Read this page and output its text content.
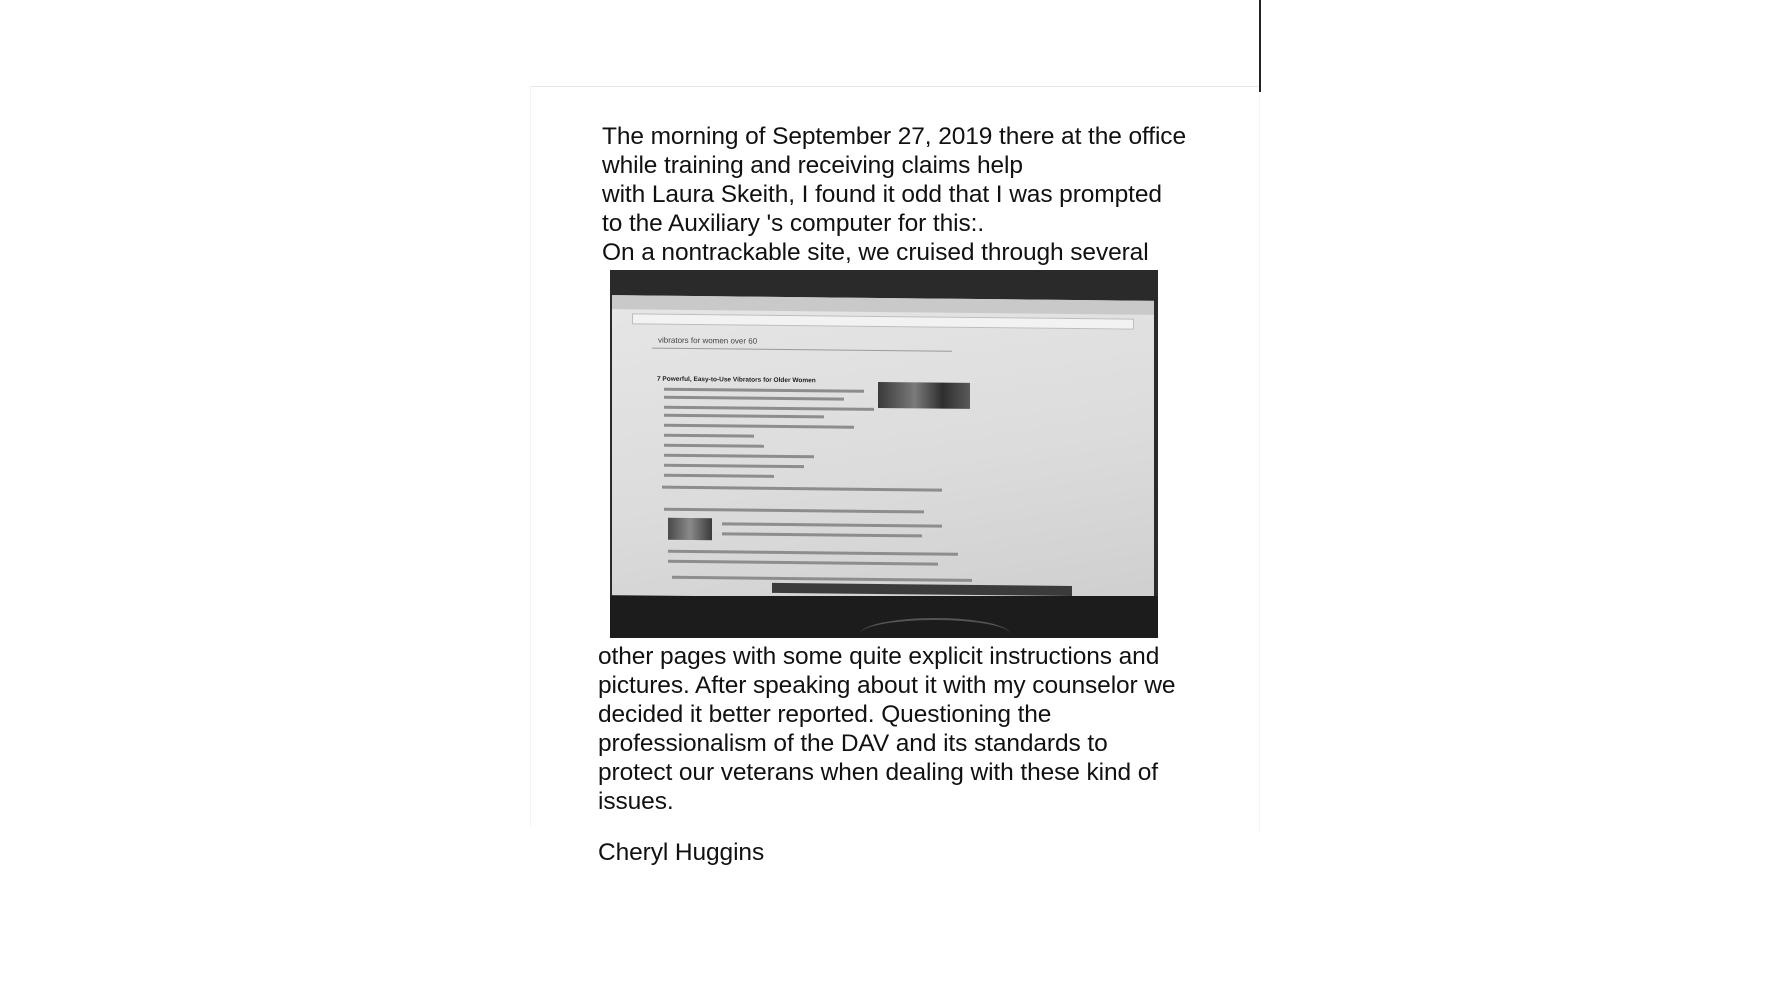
The morning of September 27, 2019 there at the office
while training and receiving claims help
with Laura Skeith, I found it odd that I was prompted
to the Auxiliary 's computer for this:.
On a nontrackable site, we cruised through several
vibrators for women over 60
7 Powerful, Easy-to-Use Vibrators for Older Women
other pages with some quite explicit instructions and
pictures. After speaking about it with my counselor we
decided it better reported. Questioning the
professionalism of the DAV and its standards to
protect our veterans when dealing with these kind of
issues.
Cheryl Huggins
